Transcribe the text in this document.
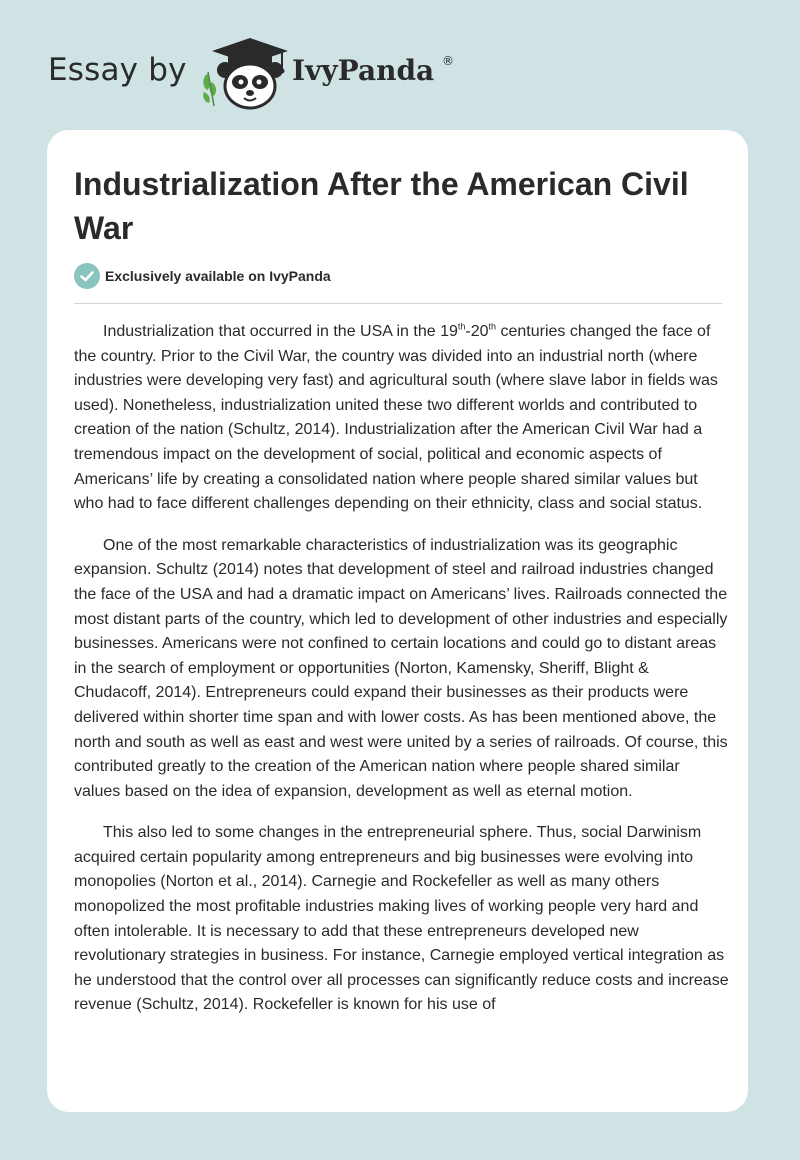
Essay by	IvyPanda ®
Industrialization After the American Civil War
Exclusively available on IvyPanda

Industrialization that occurred in the USA in the 19th-20th centuries changed the face of the country. Prior to the Civil War, the country was divided into an industrial north (where industries were developing very fast) and agricultural south (where slave labor in fields was used). Nonetheless, industrialization united these two different worlds and contributed to creation of the nation (Schultz, 2014). Industrialization after the American Civil War had a tremendous impact on the development of social, political and economic aspects of Americans’ life by creating a consolidated nation where people shared similar values but who had to face different challenges depending on their ethnicity, class and social status.

One of the most remarkable characteristics of industrialization was its geographic expansion. Schultz (2014) notes that development of steel and railroad industries changed the face of the USA and had a dramatic impact on Americans’ lives. Railroads connected the most distant parts of the country, which led to development of other industries and especially businesses. Americans were not confined to certain locations and could go to distant areas in the search of employment or opportunities (Norton, Kamensky, Sheriff, Blight & Chudacoff, 2014). Entrepreneurs could expand their businesses as their products were delivered within shorter time span and with lower costs. As has been mentioned above, the north and south as well as east and west were united by a series of railroads. Of course, this contributed greatly to the creation of the American nation where people shared similar values based on the idea of expansion, development as well as eternal motion.

This also led to some changes in the entrepreneurial sphere. Thus, social Darwinism acquired certain popularity among entrepreneurs and big businesses were evolving into monopolies (Norton et al., 2014). Carnegie and Rockefeller as well as many others monopolized the most profitable industries making lives of working people very hard and often intolerable. It is necessary to add that these entrepreneurs developed new revolutionary strategies in business. For instance, Carnegie employed vertical integration as he understood that the control over all processes can significantly reduce costs and increase revenue (Schultz, 2014). Rockefeller is known for his use of
